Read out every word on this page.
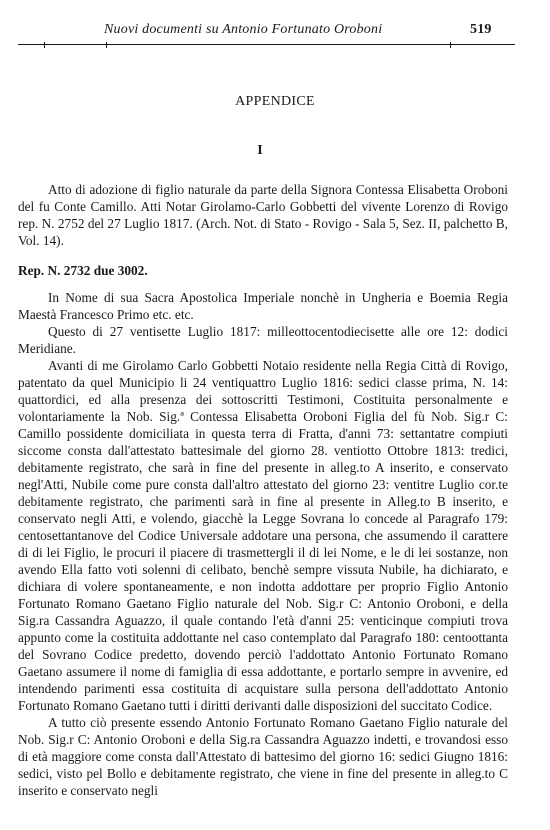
Nuovi documenti su Antonio Fortunato Oroboni	519
APPENDICE
I

Atto di adozione di figlio naturale da parte della Signora Contessa Elisabetta Oroboni del fu Conte Camillo. Atti Notar Girolamo-Carlo Gobbetti del vivente Lorenzo di Rovigo rep. N. 2752 del 27 Luglio 1817. (Arch. Not. di Stato - Rovigo - Sala 5, Sez. II, palchetto B, Vol. 14).

Rep. N. 2732 due 3002.

In Nome di sua Sacra Apostolica Imperiale nonchè in Ungheria e Boemia Regia Maestà Francesco Primo etc. etc.

Questo di 27 ventisette Luglio 1817: milleottocentodiecisette alle ore 12: dodici Meridiane.

Avanti di me Girolamo Carlo Gobbetti Notaio residente nella Regia Città di Rovigo, patentato da quel Municipio li 24 ventiquattro Luglio 1816: sedici classe prima, N. 14: quattordici, ed alla presenza dei sottoscritti Testimoni, Costituita personalmente e volontariamente la Nob. Sig.ª Contessa Elisabetta Oroboni Figlia del fù Nob. Sig.r C: Camillo possidente domiciliata in questa terra di Fratta, d'anni 73: settantatre compiuti siccome consta dall'attestato battesimale del giorno 28. ventiotto Ottobre 1813: tredici, debitamente registrato, che sarà in fine del presente in alleg.to A inserito, e conservato negl'Atti, Nubile come pure consta dall'altro attestato del giorno 23: ventitre Luglio cor.te debitamente registrato, che parimenti sarà in fine al presente in Alleg.to B inserito, e conservato negli Atti, e volendo, giacchè la Legge Sovrana lo concede al Paragrafo 179: centosettantanove del Codice Universale addotare una persona, che assumendo il carattere di di lei Figlio, le procuri il piacere di trasmettergli il di lei Nome, e le di lei sostanze, non avendo Ella fatto voti solenni di celibato, benchè sempre vissuta Nubile, ha dichiarato, e dichiara di volere spontaneamente, e non indotta addottare per proprio Figlio Antonio Fortunato Romano Gaetano Figlio naturale del Nob. Sig.r C: Antonio Oroboni, e della Sig.ra Cassandra Aguazzo, il quale contando l'età d'anni 25: venticinque compiuti trova appunto come la costituita addottante nel caso contemplato dal Paragrafo 180: centoottanta del Sovrano Codice predetto, dovendo perciò l'addottato Antonio Fortunato Romano Gaetano assumere il nome di famiglia di essa addottante, e portarlo sempre in avvenire, ed intendendo parimenti essa costituita di acquistare sulla persona dell'addottato Antonio Fortunato Romano Gaetano tutti i diritti derivanti dalle disposizioni del succitato Codice.

A tutto ciò presente essendo Antonio Fortunato Romano Gaetano Figlio naturale del Nob. Sig.r C: Antonio Oroboni e della Sig.ra Cassandra Aguazzo indetti, e trovandosi esso di età maggiore come consta dall'Attestato di battesimo del giorno 16: sedici Giugno 1816: sedici, visto pel Bollo e debitamente registrato, che viene in fine del presente in alleg.to C inserito e conservato negli
